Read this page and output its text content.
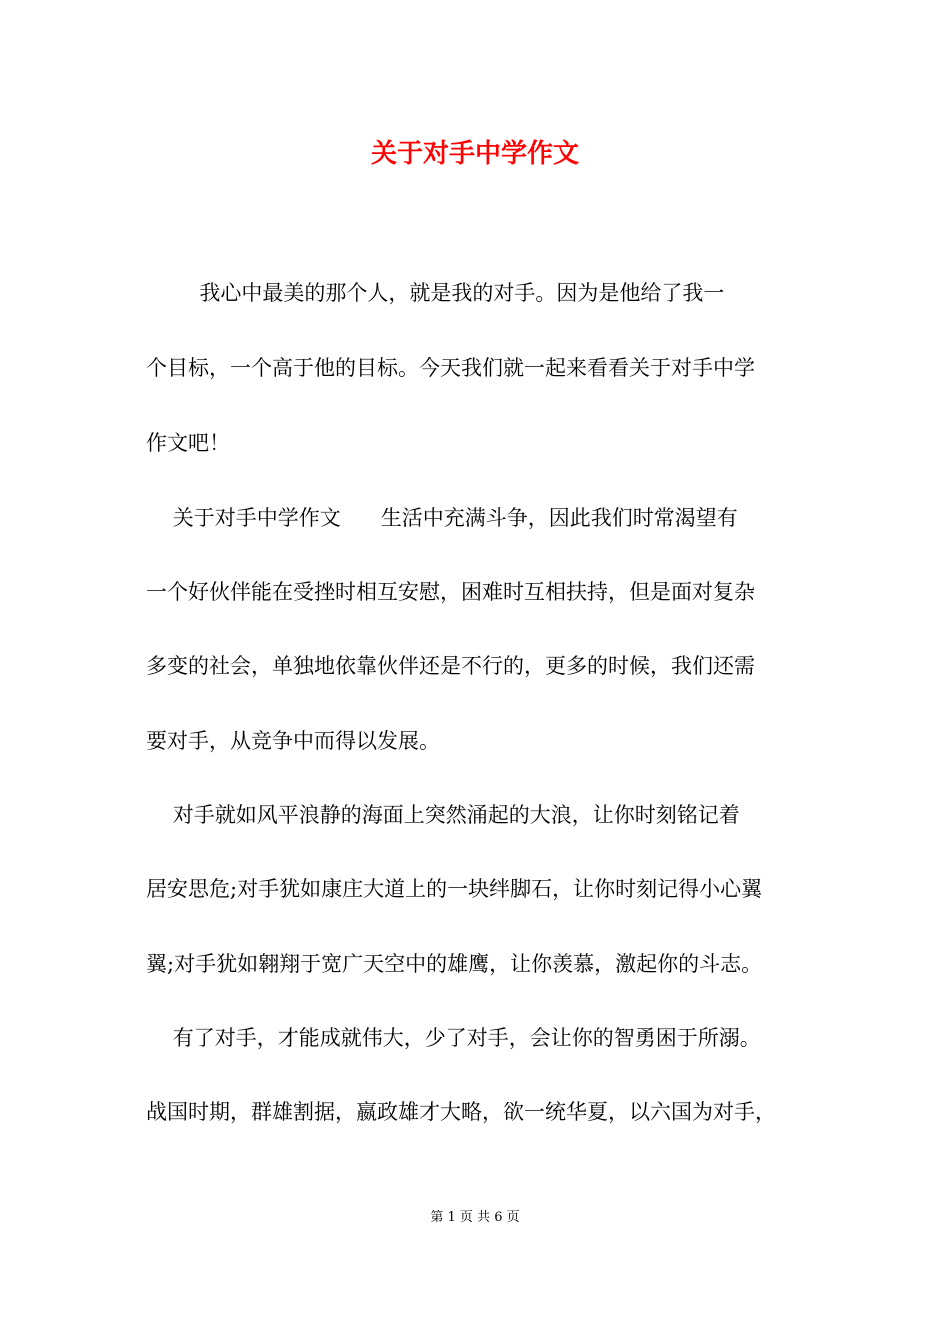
关于对手中学作文

我心中最美的那个人，就是我的对手。因为是他给了我一

个目标，一个高于他的目标。今天我们就一起来看看关于对手中学

作文吧！

关于对手中学作文      生活中充满斗争，因此我们时常渴望有

一个好伙伴能在受挫时相互安慰，困难时互相扶持，但是面对复杂

多变的社会，单独地依靠伙伴还是不行的，更多的时候，我们还需

要对手，从竞争中而得以发展。

对手就如风平浪静的海面上突然涌起的大浪，让你时刻铭记着

居安思危;对手犹如康庄大道上的一块绊脚石，让你时刻记得小心翼

翼;对手犹如翱翔于宽广天空中的雄鹰，让你羡慕，激起你的斗志。

有了对手，才能成就伟大，少了对手，会让你的智勇困于所溺。

战国时期，群雄割据，嬴政雄才大略，欲一统华夏，以六国为对手，

第 1 页 共 6 页
